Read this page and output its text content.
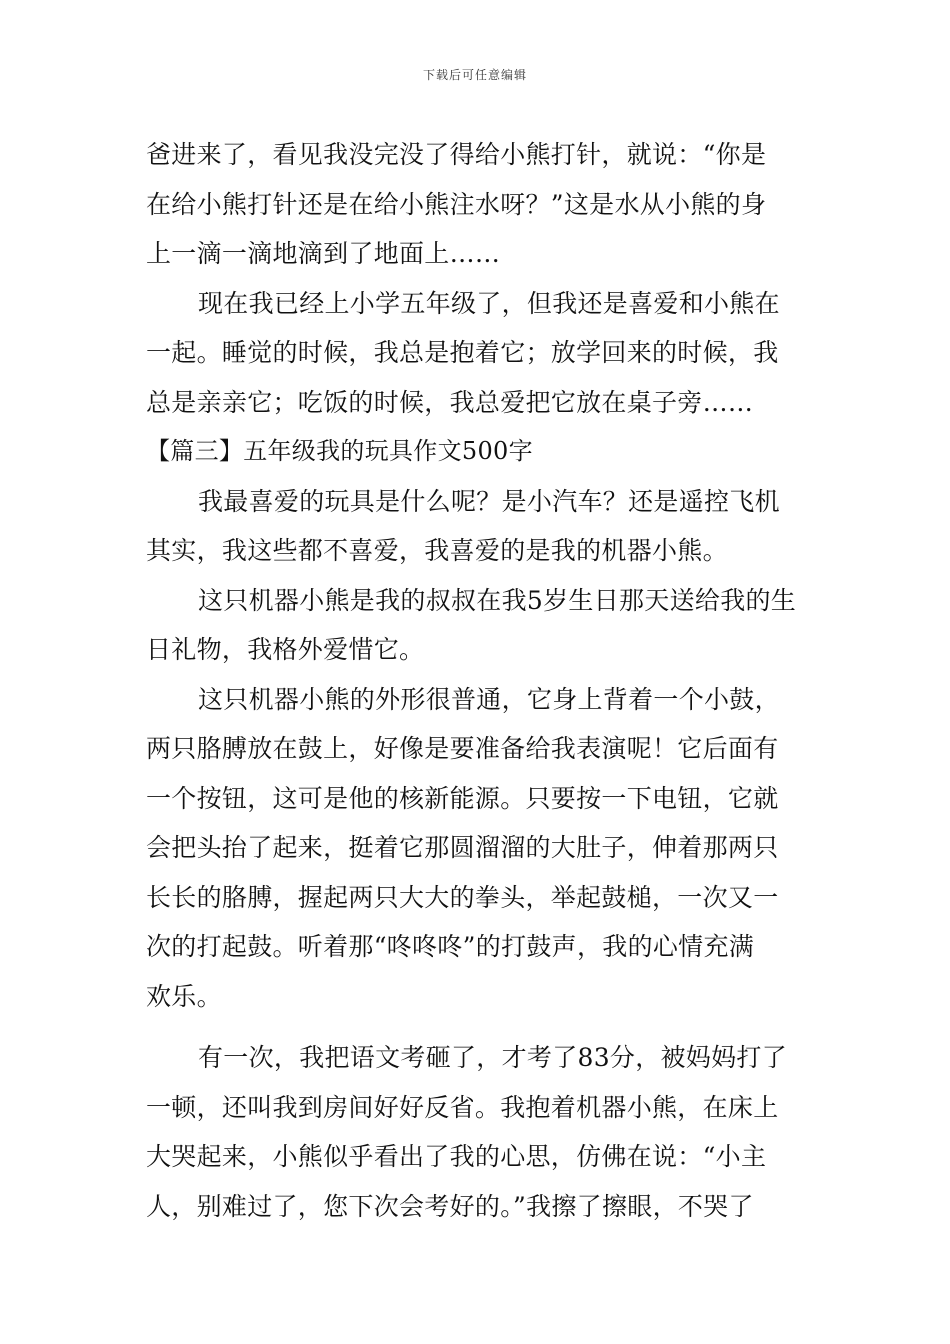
下载后可任意编辑
爸进来了，看见我没完没了得给小熊打针，就说：“你是
在给小熊打针还是在给小熊注水呀？”这是水从小熊的身
上一滴一滴地滴到了地面上……
现在我已经上小学五年级了，但我还是喜爱和小熊在
一起。睡觉的时候，我总是抱着它；放学回来的时候，我
总是亲亲它；吃饭的时候，我总爱把它放在桌子旁……
【篇三】五年级我的玩具作文500字
我最喜爱的玩具是什么呢？是小汽车？还是遥控飞机
其实，我这些都不喜爱，我喜爱的是我的机器小熊。
这只机器小熊是我的叔叔在我5岁生日那天送给我的生
日礼物，我格外爱惜它。
这只机器小熊的外形很普通，它身上背着一个小鼓，
两只胳膊放在鼓上，好像是要准备给我表演呢！它后面有
一个按钮，这可是他的核新能源。只要按一下电钮，它就
会把头抬了起来，挺着它那圆溜溜的大肚子，伸着那两只
长长的胳膊，握起两只大大的拳头，举起鼓槌，一次又一
次的打起鼓。听着那“咚咚咚”的打鼓声，我的心情充满
欢乐。
有一次，我把语文考砸了，才考了83分，被妈妈打了
一顿，还叫我到房间好好反省。我抱着机器小熊，在床上
大哭起来，小熊似乎看出了我的心思，仿佛在说：“小主
人，别难过了，您下次会考好的。”我擦了擦眼，不哭了
